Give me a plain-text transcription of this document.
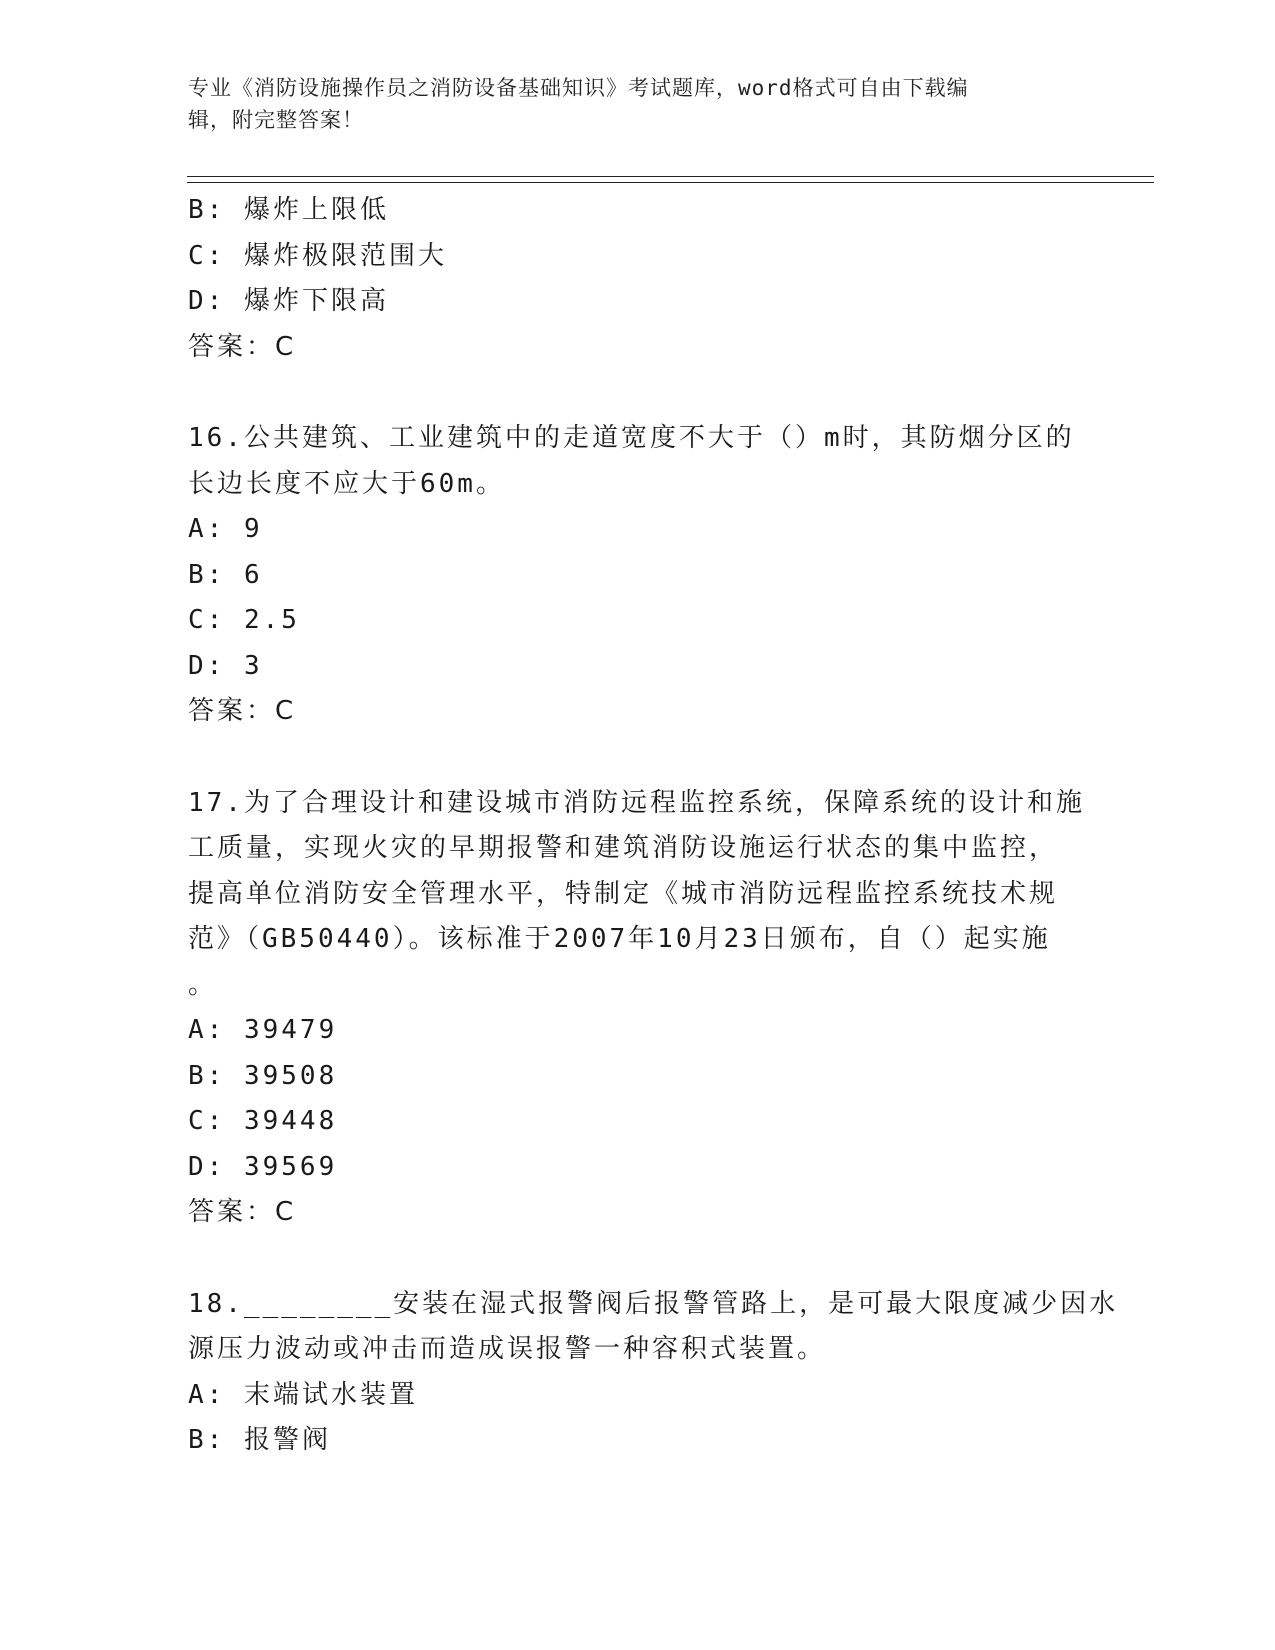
专业《消防设施操作员之消防设备基础知识》考试题库，word格式可自由下载编
辑，附完整答案！
B: 爆炸上限低
C: 爆炸极限范围大
D: 爆炸下限高
答案：C
16.公共建筑、工业建筑中的走道宽度不大于（）m时，其防烟分区的
长边长度不应大于60m。
A: 9
B: 6
C: 2.5
D: 3
答案：C
17.为了合理设计和建设城市消防远程监控系统，保障系统的设计和施
工质量，实现火灾的早期报警和建筑消防设施运行状态的集中监控，
提高单位消防安全管理水平，特制定《城市消防远程监控系统技术规
范》（GB50440）。该标准于2007年10月23日颁布，自（）起实施
。
A: 39479
B: 39508
C: 39448
D: 39569
答案：C
18.________安装在湿式报警阀后报警管路上，是可最大限度减少因水
源压力波动或冲击而造成误报警一种容积式装置。
A: 末端试水装置
B: 报警阀
